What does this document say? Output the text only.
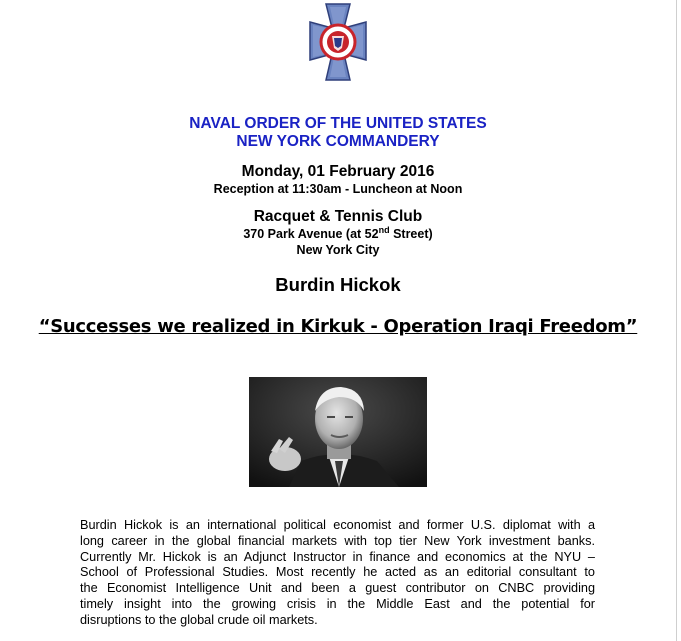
NAVAL ORDER OF THE UNITED STATES
NEW YORK COMMANDERY
Monday, 01 February 2016
Reception at 11:30am - Luncheon at Noon
Racquet & Tennis Club
370 Park Avenue (at 52nd Street)
New York City
Burdin Hickok
“Successes we realized in Kirkuk - Operation Iraqi Freedom”
Burdin Hickok is an international political economist and former U.S. diplomat with a
long career in the global financial markets with top tier New York investment banks.
Currently Mr. Hickok is an Adjunct Instructor in finance and economics at the NYU –
School of Professional Studies. Most recently he acted as an editorial consultant to
the Economist Intelligence Unit and been a guest contributor on CNBC providing
timely insight into the growing crisis in the Middle East and the potential for
disruptions to the global crude oil markets.
